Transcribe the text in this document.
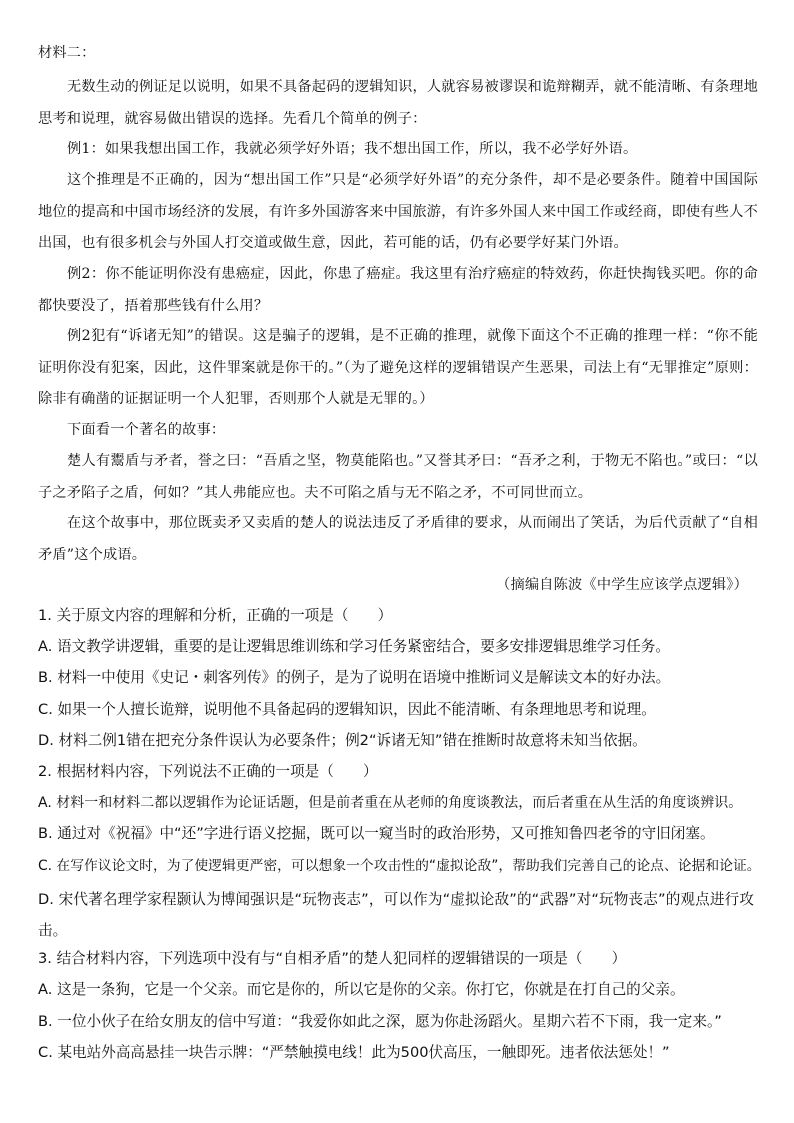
材料二：

无数生动的例证足以说明，如果不具备起码的逻辑知识，人就容易被谬误和诡辩糊弄，就不能清晰、有条理地思考和说理，就容易做出错误的选择。先看几个简单的例子：

例1：如果我想出国工作，我就必须学好外语；我不想出国工作，所以，我不必学好外语。

这个推理是不正确的，因为“想出国工作”只是“必须学好外语”的充分条件，却不是必要条件。随着中国国际地位的提高和中国市场经济的发展，有许多外国游客来中国旅游，有许多外国人来中国工作或经商，即使有些人不出国，也有很多机会与外国人打交道或做生意，因此，若可能的话，仍有必要学好某门外语。

例2：你不能证明你没有患癌症，因此，你患了癌症。我这里有治疗癌症的特效药，你赶快掏钱买吧。你的命都快要没了，捂着那些钱有什么用？

例2犯有“诉诸无知”的错误。这是骗子的逻辑，是不正确的推理，就像下面这个不正确的推理一样：“你不能证明你没有犯案，因此，这件罪案就是你干的。”（为了避免这样的逻辑错误产生恶果，司法上有“无罪推定”原则：除非有确凿的证据证明一个人犯罪，否则那个人就是无罪的。）

下面看一个著名的故事：

楚人有鬻盾与矛者，誉之曰：“吾盾之坚，物莫能陷也。”又誉其矛曰：“吾矛之利，于物无不陷也。”或曰：“以子之矛陷子之盾，何如？”其人弗能应也。夫不可陷之盾与无不陷之矛，不可同世而立。

在这个故事中，那位既卖矛又卖盾的楚人的说法违反了矛盾律的要求，从而闹出了笑话，为后代贡献了“自相矛盾”这个成语。

（摘编自陈波《中学生应该学点逻辑》）

1. 关于原文内容的理解和分析，正确的一项是（　　）

A. 语文教学讲逻辑，重要的是让逻辑思维训练和学习任务紧密结合，要多安排逻辑思维学习任务。

B. 材料一中使用《史记・刺客列传》的例子，是为了说明在语境中推断词义是解读文本的好办法。

C. 如果一个人擅长诡辩，说明他不具备起码的逻辑知识，因此不能清晰、有条理地思考和说理。

D. 材料二例1错在把充分条件误认为必要条件；例2“诉诸无知”错在推断时故意将未知当依据。

2. 根据材料内容，下列说法不正确的一项是（　　）

A. 材料一和材料二都以逻辑作为论证话题，但是前者重在从老师的角度谈教法，而后者重在从生活的角度谈辨识。

B. 通过对《祝福》中“还”字进行语义挖掘，既可以一窥当时的政治形势，又可推知鲁四老爷的守旧闭塞。

C. 在写作议论文时，为了使逻辑更严密，可以想象一个攻击性的“虚拟论敌”，帮助我们完善自己的论点、论据和论证。

D. 宋代著名理学家程颢认为博闻强识是“玩物丧志”，可以作为“虚拟论敌”的“武器”对“玩物丧志”的观点进行攻击。

3. 结合材料内容，下列选项中没有与“自相矛盾”的楚人犯同样的逻辑错误的一项是（　　）

A. 这是一条狗，它是一个父亲。而它是你的，所以它是你的父亲。你打它，你就是在打自己的父亲。

B. 一位小伙子在给女朋友的信中写道：“我爱你如此之深，愿为你赴汤蹈火。星期六若不下雨，我一定来。”

C. 某电站外高高悬挂一块告示牌：“严禁触摸电线！此为500伏高压，一触即死。违者依法惩处！”
